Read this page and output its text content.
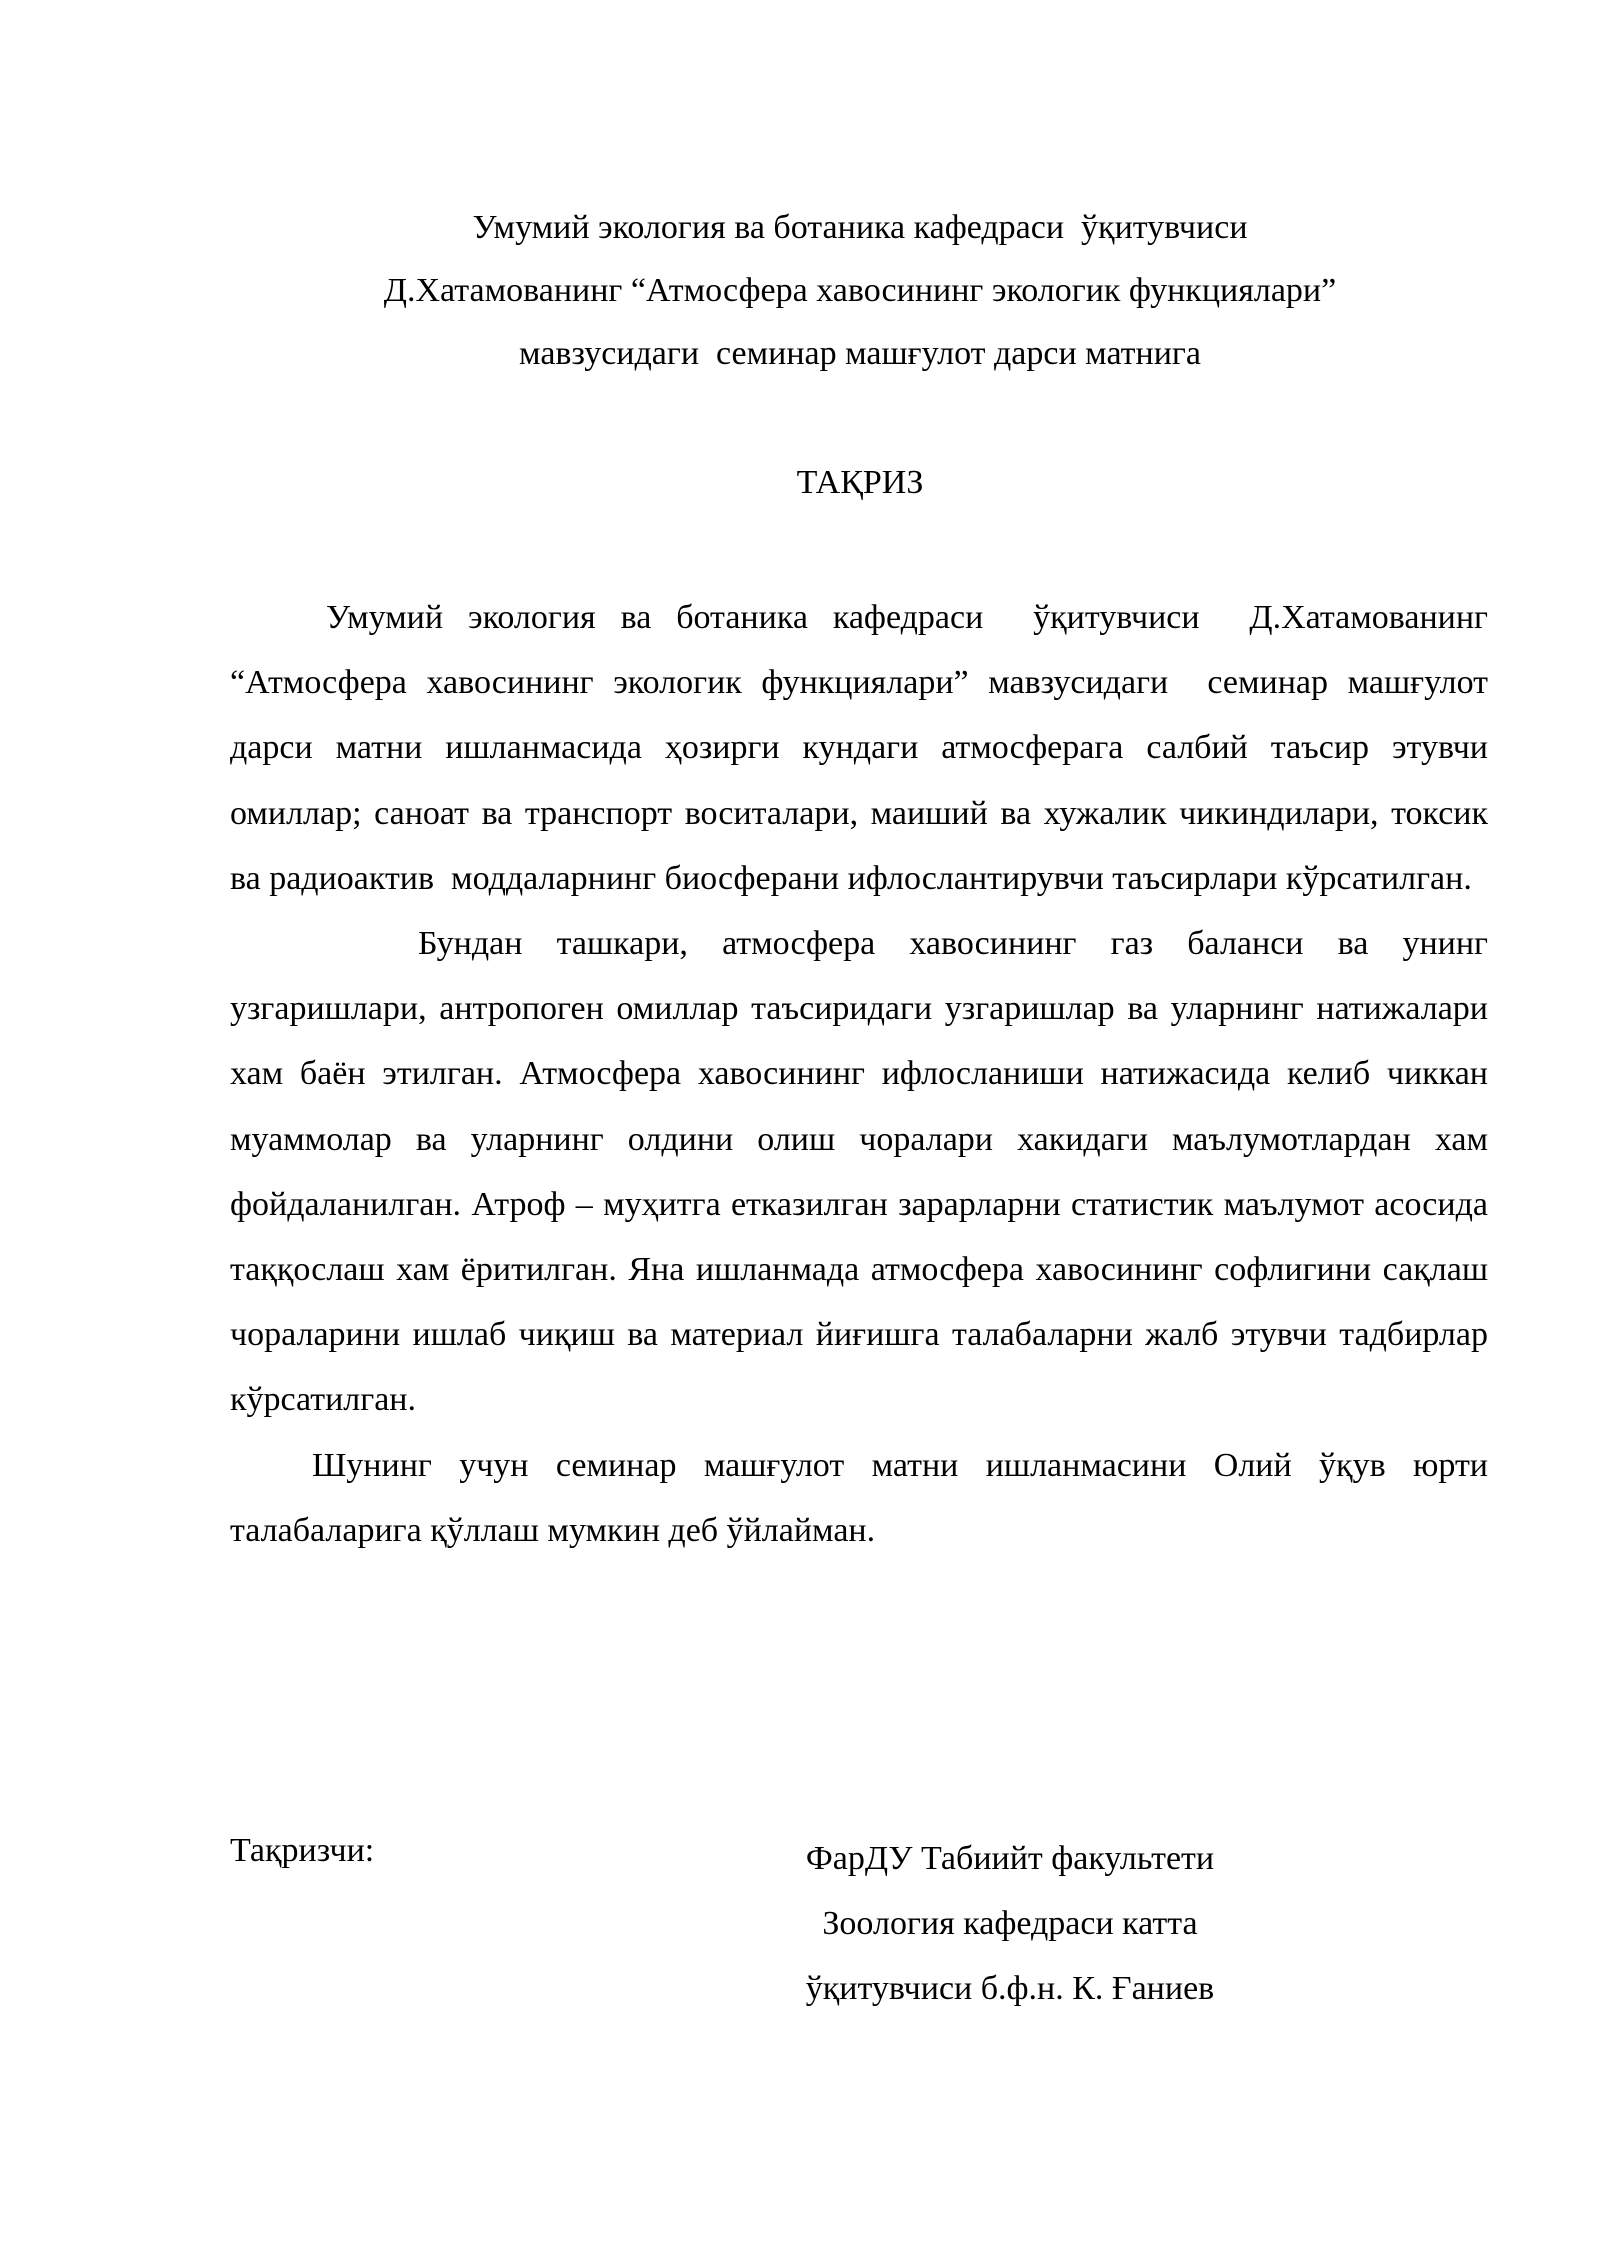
Умумий экология ва ботаника кафедраси  ўқитувчиси
Д.Хатамованинг “Атмосфера хавосининг экологик функциялари”
мавзусидаги  семинар машғулот дарси матнига
ТАҚРИЗ

Умумий экология ва ботаника кафедраси  ўқитувчиси  Д.Хатамованинг “Атмосфера хавосининг экологик функциялари” мавзусидаги  семинар машғулот дарси матни ишланмасида ҳозирги кундаги атмосферага салбий таъсир этувчи омиллар; саноат ва транспорт воситалари, маиший ва хужалик чикиндилари, токсик ва радиоактив  моддаларнинг биосферани ифлослантирувчи таъсирлари кўрсатилган.

Бундан ташкари, атмосфера хавосининг газ баланси ва унинг узгаришлари, антропоген омиллар таъсиридаги узгаришлар ва уларнинг натижалари хам баён этилган. Атмосфера хавосининг ифлосланиши натижасида келиб чиккан муаммолар ва уларнинг олдини олиш чоралари хакидаги маълумотлардан хам фойдаланилган. Атроф – муҳитга етказилган зарарларни статистик маълумот асосида таққослаш хам ёритилган. Яна ишланмада атмосфера хавосининг софлигини сақлаш чораларини ишлаб чиқиш ва материал йиғишга талабаларни жалб этувчи тадбирлар кўрсатилган.

Шунинг учун семинар машғулот матни ишланмасини Олий ўқув юрти талабаларига қўллаш мумкин деб ўйлайман.

Тақризчи:	ФарДУ Табиийт факультети
Зоология кафедраси катта
ўқитувчиси б.ф.н. К. Ғаниев
